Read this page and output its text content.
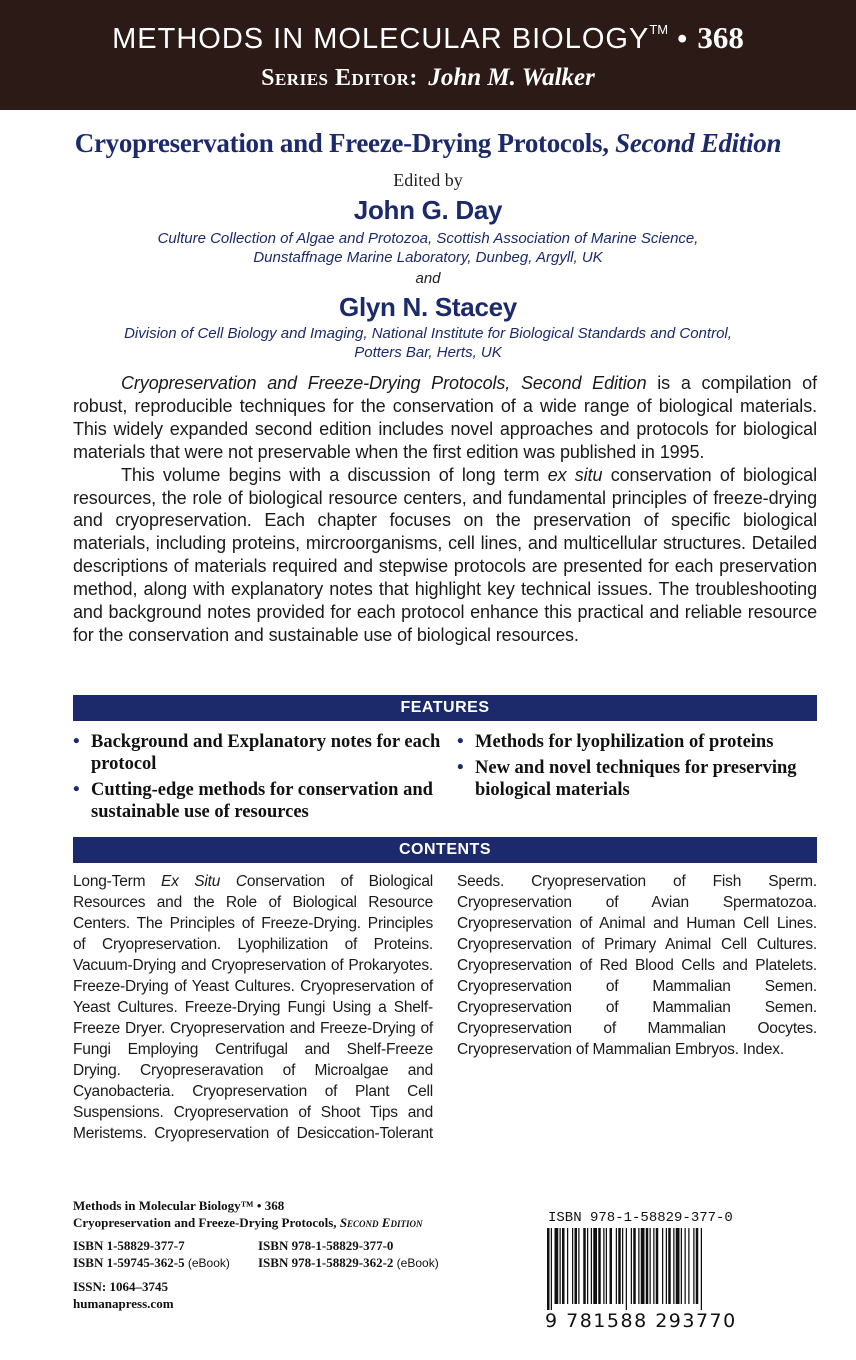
METHODS IN MOLECULAR BIOLOGY™ • 368
Series Editor: John M. Walker
Cryopreservation and Freeze-Drying Protocols, Second Edition
Edited by
John G. Day
Culture Collection of Algae and Protozoa, Scottish Association of Marine Science,
Dunstaffnage Marine Laboratory, Dunbeg, Argyll, UK
and
Glyn N. Stacey
Division of Cell Biology and Imaging, National Institute for Biological Standards and Control,
Potters Bar, Herts, UK

Cryopreservation and Freeze-Drying Protocols, Second Edition is a compilation of robust, reproducible techniques for the conservation of a wide range of biological materials. This widely expanded second edition includes novel approaches and protocols for biological materials that were not preservable when the first edition was published in 1995.

This volume begins with a discussion of long term ex situ conservation of biological resources, the role of biological resource centers, and fundamental principles of freeze-drying and cryopreservation. Each chapter focuses on the preservation of specific biological materials, including proteins, mircroorganisms, cell lines, and multicellular structures. Detailed descriptions of materials required and stepwise protocols are presented for each preservation method, along with explanatory notes that highlight key technical issues. The troubleshooting and background notes provided for each protocol enhance this practical and reliable resource for the conservation and sustainable use of biological resources.

FEATURES
• Background and Explanatory notes for each protocol
• Cutting-edge methods for conservation and sustainable use of resources
• Methods for lyophilization of proteins
• New and novel techniques for preserving biological materials
CONTENTS
Long-Term Ex Situ Conservation of Biological Resources and the Role of Biological Resource Centers. The Principles of Freeze-Drying. Principles of Cryopreservation. Lyophilization of Proteins. Vacuum-Drying and Cryopreservation of Prokaryotes. Freeze-Drying of Yeast Cultures. Cryopreservation of Yeast Cultures. Freeze-Drying Fungi Using a Shelf-Freeze Dryer. Cryopreservation and Freeze-Drying of Fungi Employing Centrifugal and Shelf-Freeze Drying. Cryopreseravation of Microalgae and Cyanobacteria. Cryopreservation of Plant Cell Suspensions. Cryopreservation of Shoot Tips and Meristems. Cryopreservation of Desiccation-Tolerant Seeds. Cryopreservation of Fish Sperm. Cryopreservation of Avian Spermatozoa. Cryopreservation of Animal and Human Cell Lines. Cryopreservation of Primary Animal Cell Cultures. Cryopreservation of Red Blood Cells and Platelets. Cryopreservation of Mammalian Semen. Cryopreservation of Mammalian Semen. Cryopreservation of Mammalian Oocytes. Cryopreservation of Mammalian Embryos. Index.
Methods in Molecular Biology™ • 368
Cryopreservation and Freeze-Drying Protocols, Second Edition
ISBN 1-58829-377-7	ISBN 978-1-58829-377-0
ISBN 1-59745-362-5 (eBook)	ISBN 978-1-58829-362-2 (eBook)
ISSN: 1064–3745
humanapress.com
ISBN 978-1-58829-377-0
9 781588 293770
